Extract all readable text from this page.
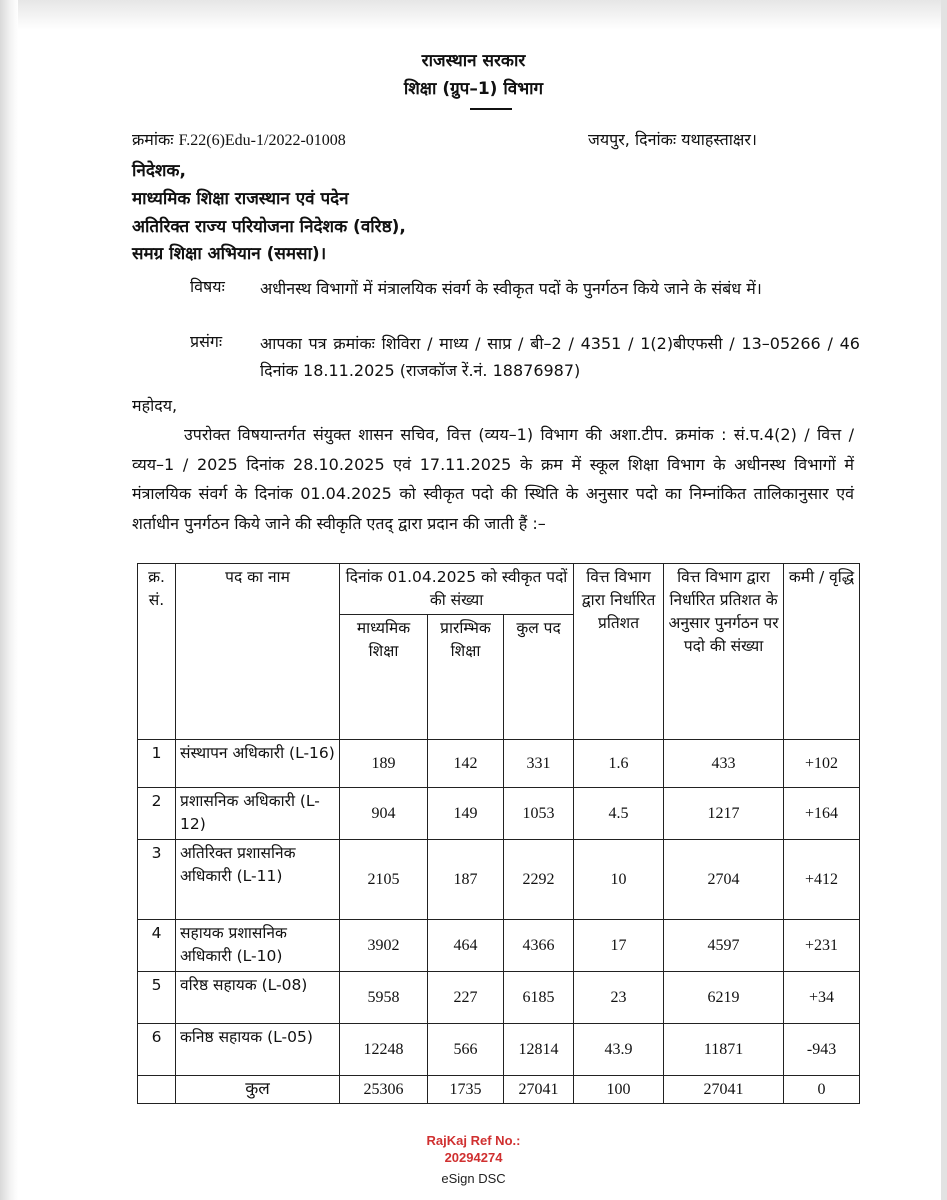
राजस्थान सरकार
शिक्षा (ग्रुप–1) विभाग
क्रमांकः F.22(6)Edu-1/2022-01008	जयपुर, दिनांकः यथाहस्ताक्षर।
निदेशक,
माध्यमिक शिक्षा राजस्थान एवं पदेन
अतिरिक्त राज्य परियोजना निदेशक (वरिष्ठ),
समग्र शिक्षा अभियान (समसा)।
विषयः अधीनस्थ विभागों में मंत्रालयिक संवर्ग के स्वीकृत पदों के पुनर्गठन किये जाने के संबंध में।
प्रसंगः आपका पत्र क्रमांकः शिविरा / माध्य / साप्र / बी–2 / 4351 / 1(2)बीएफसी / 13–05266 / 46 दिनांक 18.11.2025 (राजकॉज रें.नं. 18876987)
महोदय,
उपरोक्त विषयान्तर्गत संयुक्त शासन सचिव, वित्त (व्यय–1) विभाग की अशा.टीप. क्रमांक : सं.प.4(2) / वित्त / व्यय–1 / 2025 दिनांक 28.10.2025 एवं 17.11.2025 के क्रम में स्कूल शिक्षा विभाग के अधीनस्थ विभागों में मंत्रालयिक संवर्ग के दिनांक 01.04.2025 को स्वीकृत पदो की स्थिति के अनुसार पदो का निम्नांकित तालिकानुसार एवं शर्ताधीन पुनर्गठन किये जाने की स्वीकृति एतद् द्वारा प्रदान की जाती हैं :–
क्र. सं.	पद का नाम	दिनांक 01.04.2025 को स्वीकृत पदों की संख्या			वित्त विभाग द्वारा निर्धारित प्रतिशत	वित्त विभाग द्वारा निर्धारित प्रतिशत के अनुसार पुनर्गठन पर पदो की संख्या	कमी / वृद्धि
		माध्यमिक शिक्षा	प्रारम्भिक शिक्षा	कुल पद			
1	संस्थापन अधिकारी (L-16)	189	142	331	1.6	433	+102
2	प्रशासनिक अधिकारी (L-12)	904	149	1053	4.5	1217	+164
3	अतिरिक्त प्रशासनिक अधिकारी (L-11)	2105	187	2292	10	2704	+412
4	सहायक प्रशासनिक अधिकारी (L-10)	3902	464	4366	17	4597	+231
5	वरिष्ठ सहायक (L-08)	5958	227	6185	23	6219	+34
6	कनिष्ठ सहायक (L-05)	12248	566	12814	43.9	11871	-943
	कुल	25306	1735	27041	100	27041	0
RajKaj Ref No.:
20294274
eSign DSC
